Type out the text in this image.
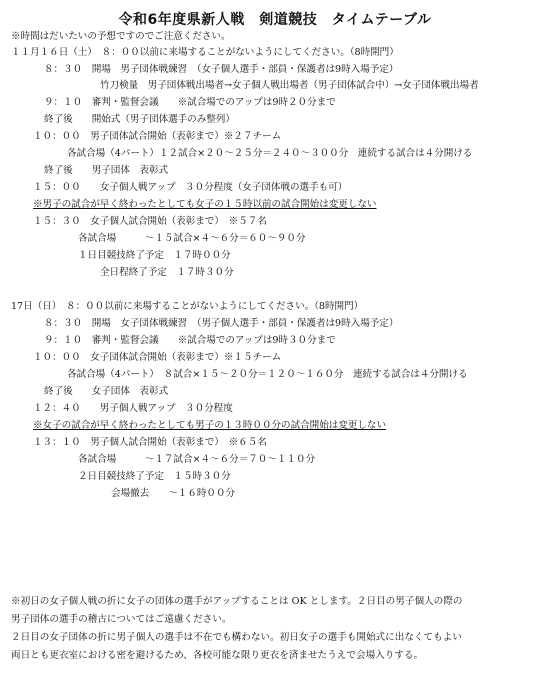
令和6年度県新人戦　剣道競技　タイムテーブル
※時間はだいたいの予想ですのでご注意ください。
１１月１６日（土）　８：００以前に来場することがないようにしてください。（8時開門）
８：３０　開場　男子団体戦練習　（女子個人選手・部員・保護者は9時入場予定）
竹刀検量　男子団体戦出場者→女子個人戦出場者（男子団体試合中）→女子団体戦出場者
９：１０　審判・監督会議　　※試合場でのアップは9時２０分まで
終了後　　開始式（男子団体選手のみ整列）
１０：００　男子団体試合開始（表彰まで）※２７チーム
各試合場（4パート）１２試合×２０～２５分＝２４０～３００分　連続する試合は４分開ける
終了後　　男子団体　表彰式
１５：００　　女子個人戦アップ　３０分程度（女子団体戦の選手も可）
※男子の試合が早く終わったとしても女子の１５時以前の試合開始は変更しない
１５：３０　女子個人試合開始（表彰まで）　※５７名
各試合場　　　～１５試合×４～６分＝６０～９０分
１日目競技終了予定　１７時００分
全日程終了予定　１７時３０分
17日（日）　８：００以前に来場することがないようにしてください。（8時開門）
８：３０　開場　女子団体戦練習　（男子個人選手・部員・保護者は9時入場予定）
９：１０　審判・監督会議　　※試合場でのアップは9時３０分まで
１０：００　女子団体試合開始（表彰まで）※１５チーム
各試合場（4パート）　８試合×１５～２０分＝１２０～１６０分　連続する試合は４分開ける
終了後　　女子団体　表彰式
１２：４０　　男子個人戦アップ　３０分程度
※女子の試合が早く終わったとしても男子の１３時００分の試合開始は変更しない
１３：１０　男子個人試合開始（表彰まで）　※６５名
各試合場　　　～１７試合×４～６分＝７０～１１０分
２日目競技終了予定　１５時３０分
会場撤去　　～１６時００分
※初日の女子個人戦の折に女子の団体の選手がアップすることは OK とします。２日目の男子個人の際の
男子団体の選手の稽古についてはご遠慮ください。
２日目の女子団体の折に男子個人の選手は不在でも構わない。初日女子の選手も開始式に出なくてもよい
両日とも更衣室における密を避けるため、各校可能な限り更衣を済ませたうえで会場入りする。
